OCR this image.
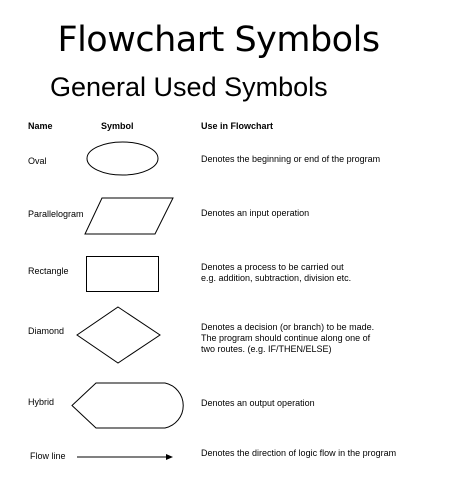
Flowchart Symbols
General Used Symbols
Name	Symbol	Use in Flowchart
Oval	Denotes the beginning or end of the program
Parallelogram	Denotes an input operation
Rectangle	Denotes a process to be carried out
e.g. addition, subtraction, division etc.
Diamond	Denotes a decision (or branch) to be made.
The program should continue along one of
two routes. (e.g. IF/THEN/ELSE)
Hybrid	Denotes an output operation
Flow line	Denotes the direction of logic flow in the program
